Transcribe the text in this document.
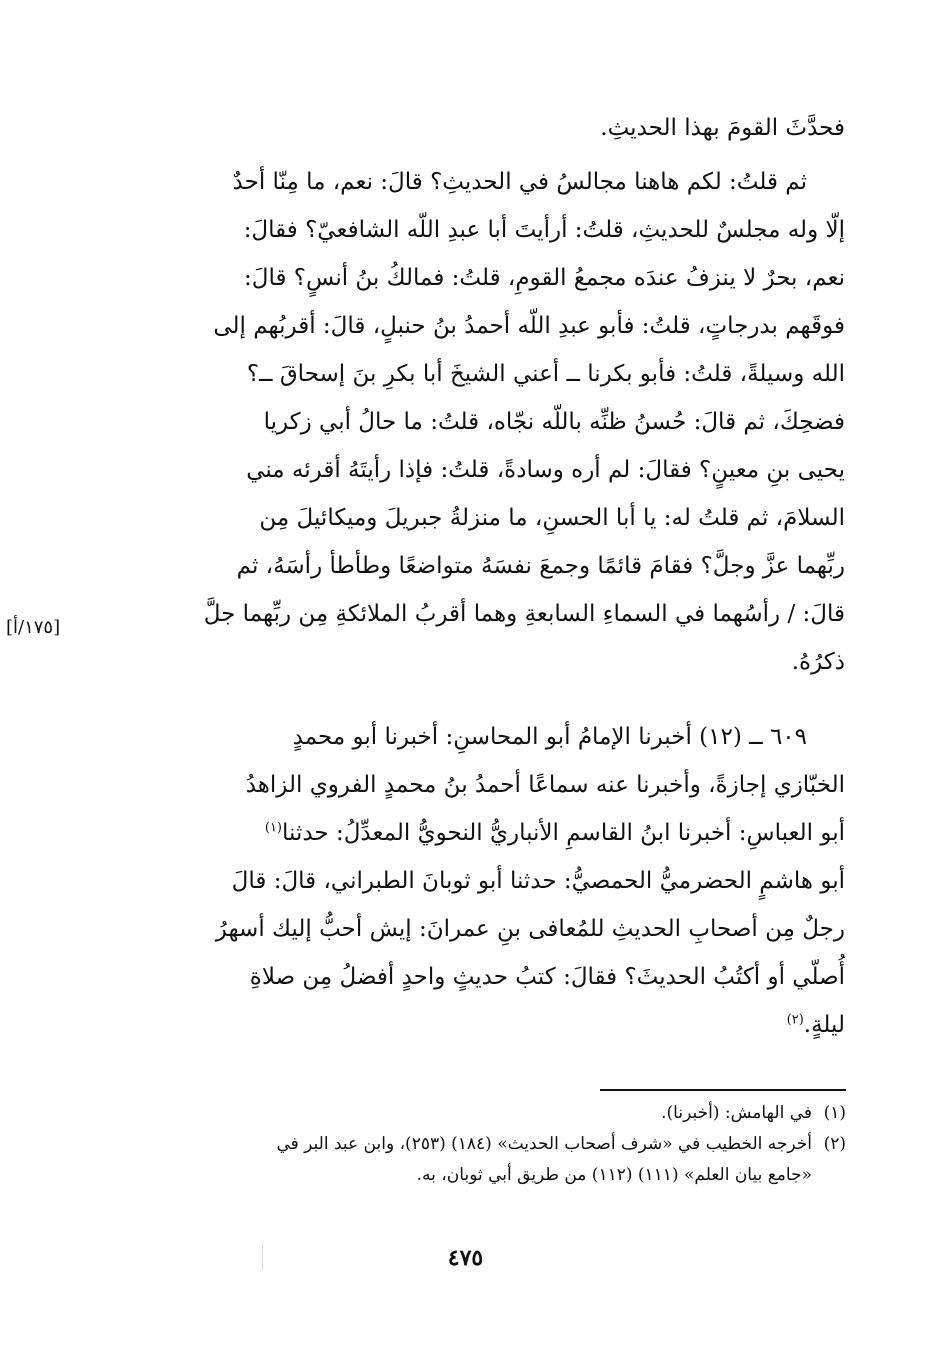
فحدَّثَ القومَ بهذا الحديثِ.
ثم قلتُ: لكم هاهنا مجالسُ في الحديثِ؟ قالَ: نعم، ما مِنّا أحدٌ
إلّا وله مجلسٌ للحديثِ، قلتُ: أرأيتَ أبا عبدِ اللّه الشافعيّ؟ فقالَ:
نعم، بحرٌ لا ينزفُ عندَه مجمعُ القومِ، قلتُ: فمالكُ بنُ أنسٍ؟ قالَ:
فوقَهم بدرجاتٍ، قلتُ: فأبو عبدِ اللّه أحمدُ بنُ حنبلٍ، قالَ: أقربُهم إلى
الله وسيلةً، قلتُ: فأبو بكرنا ــ أعني الشيخَ أبا بكرِ بنَ إسحاقَ ــ؟
فضحِكَ، ثم قالَ: حُسنُ ظنِّه باللّه نجّاه، قلتُ: ما حالُ أبي زكريا
يحيى بنِ معينٍ؟ فقالَ: لم أره وسادةً، قلتُ: فإذا رأيتَهُ أقرئه مني
السلامَ، ثم قلتُ له: يا أبا الحسنِ، ما منزلةُ جبريلَ وميكائيلَ مِن
ربِّهما عزَّ وجلَّ؟ فقامَ قائمًا وجمعَ نفسَهُ متواضعًا وطأطأ رأسَهُ، ثم
قالَ: / رأسُهما في السماءِ السابعةِ وهما أقربُ الملائكةِ مِن ربِّهما جلَّ
ذكرُهُ.
[١٧٥/أ]
٦٠٩ ــ (١٢) أخبرنا الإمامُ أبو المحاسنِ: أخبرنا أبو محمدٍ
الخبّازي إجازةً، وأخبرنا عنه سماعًا أحمدُ بنُ محمدٍ الفروي الزاهدُ
أبو العباسِ: أخبرنا ابنُ القاسمِ الأنباريُّ النحويُّ المعدِّلُ: حدثنا$^{(١)}$
أبو هاشمٍ الحضرميُّ الحمصيُّ: حدثنا أبو ثوبانَ الطبراني، قالَ: قالَ
رجلٌ مِن أصحابِ الحديثِ للمُعافى بنِ عمرانَ: إيش أحبُّ إليك أسهرُ
أُصلّي أو أكتُبُ الحديثَ؟ فقالَ: كتبُ حديثٍ واحدٍ أفضلُ مِن صلاةِ
ليلةٍ.$^{(٢)}$
(١)في الهامش: (أخبرنا).
(٢)أخرجه الخطيب في «شرف أصحاب الحديث» (١٨٤) (٢٥٣)، وابن عبد البر في
«جامع بيان العلم» (١١١) (١١٢) من طريق أبي ثوبان، به.
٤٧٥
